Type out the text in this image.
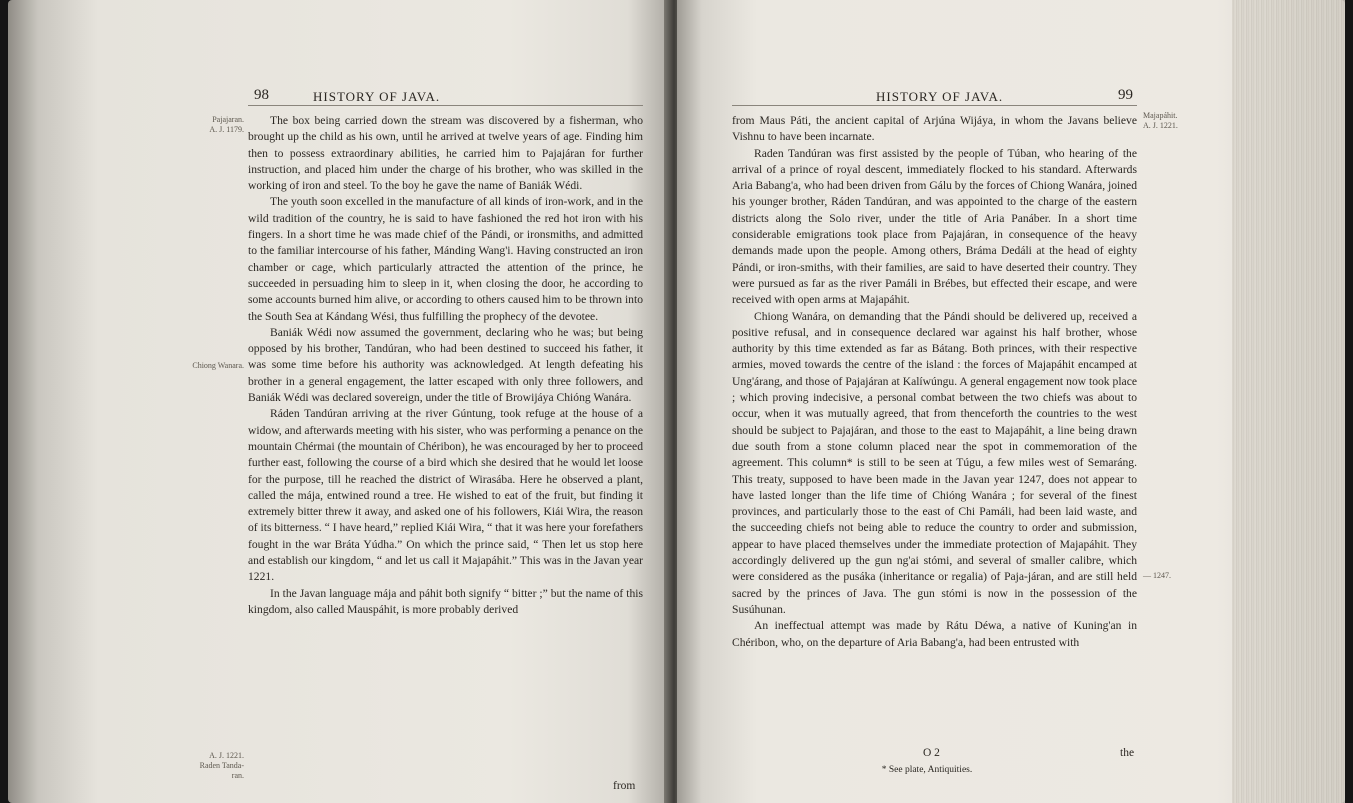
98	HISTORY OF JAVA.
Pajajaran.
A. J. 1179.
Chiong Wanara.
A. J. 1221.
Raden Tanda-
ran.

The box being carried down the stream was discovered by a fisherman, who brought up the child as his own, until he arrived at twelve years of age. Finding him then to possess extraordinary abilities, he carried him to Pajajáran for further instruction, and placed him under the charge of his brother, who was skilled in the working of iron and steel. To the boy he gave the name of Baniák Wédi.

The youth soon excelled in the manufacture of all kinds of iron-work, and in the wild tradition of the country, he is said to have fashioned the red hot iron with his fingers. In a short time he was made chief of the Pándi, or ironsmiths, and admitted to the familiar intercourse of his father, Mánding Wang'i. Having constructed an iron chamber or cage, which particularly attracted the attention of the prince, he succeeded in persuading him to sleep in it, when closing the door, he according to some accounts burned him alive, or according to others caused him to be thrown into the South Sea at Kándang Wési, thus fulfilling the prophecy of the devotee.

Baniák Wédi now assumed the government, declaring who he was; but being opposed by his brother, Tandúran, who had been destined to succeed his father, it was some time before his authority was acknowledged. At length defeating his brother in a general engagement, the latter escaped with only three followers, and Baniák Wédi was declared sovereign, under the title of Browijáya Chióng Wanára.

Ráden Tandúran arriving at the river Gúntung, took refuge at the house of a widow, and afterwards meeting with his sister, who was performing a penance on the mountain Chérmai (the mountain of Chéribon), he was encouraged by her to proceed further east, following the course of a bird which she desired that he would let loose for the purpose, till he reached the district of Wirasába. Here he observed a plant, called the mája, entwined round a tree. He wished to eat of the fruit, but finding it extremely bitter threw it away, and asked one of his followers, Kiái Wira, the reason of its bitterness. “ I have heard,” replied Kiái Wira, “ that it was here your forefathers fought in the war Bráta Yúdha.” On which the prince said, “ Then let us stop here and establish our kingdom, “ and let us call it Majapáhit.” This was in the Javan year 1221.

In the Javan language mája and páhit both signify “ bitter ;” but the name of this kingdom, also called Mauspáhit, is more probably derived

from
HISTORY OF JAVA.	99
Majapáhit.
A. J. 1221.
— 1247.

from Maus Páti, the ancient capital of Arjúna Wijáya, in whom the Javans believe Vishnu to have been incarnate.

Raden Tandúran was first assisted by the people of Túban, who hearing of the arrival of a prince of royal descent, immediately flocked to his standard. Afterwards Aria Babang'a, who had been driven from Gálu by the forces of Chiong Wanára, joined his younger brother, Ráden Tandúran, and was appointed to the charge of the eastern districts along the Solo river, under the title of Aria Panáber. In a short time considerable emigrations took place from Pajajáran, in consequence of the heavy demands made upon the people. Among others, Bráma Dedáli at the head of eighty Pándi, or iron-smiths, with their families, are said to have deserted their country. They were pursued as far as the river Pamáli in Brébes, but effected their escape, and were received with open arms at Majapáhit.

Chiong Wanára, on demanding that the Pándi should be delivered up, received a positive refusal, and in consequence declared war against his half brother, whose authority by this time extended as far as Bátang. Both princes, with their respective armies, moved towards the centre of the island : the forces of Majapáhit encamped at Ung'árang, and those of Pajajáran at Kalíwúngu. A general engagement now took place ; which proving indecisive, a personal combat between the two chiefs was about to occur, when it was mutually agreed, that from thenceforth the countries to the west should be subject to Pajajáran, and those to the east to Majapáhit, a line being drawn due south from a stone column placed near the spot in commemoration of the agreement. This column* is still to be seen at Túgu, a few miles west of Semaráng. This treaty, supposed to have been made in the Javan year 1247, does not appear to have lasted longer than the life time of Chióng Wanára ; for several of the finest provinces, and particularly those to the east of Chi Pamáli, had been laid waste, and the succeeding chiefs not being able to reduce the country to order and submission, appear to have placed themselves under the immediate protection of Majapáhit. They accordingly delivered up the gun ng'ai stómi, and several of smaller calibre, which were considered as the pusáka (inheritance or regalia) of Paja-járan, and are still held sacred by the princes of Java. The gun stómi is now in the possession of the Susúhunan.

An ineffectual attempt was made by Rátu Déwa, a native of Kuning'an in Chéribon, who, on the departure of Aria Babang'a, had been entrusted with

O 2	the
* See plate, Antiquities.
